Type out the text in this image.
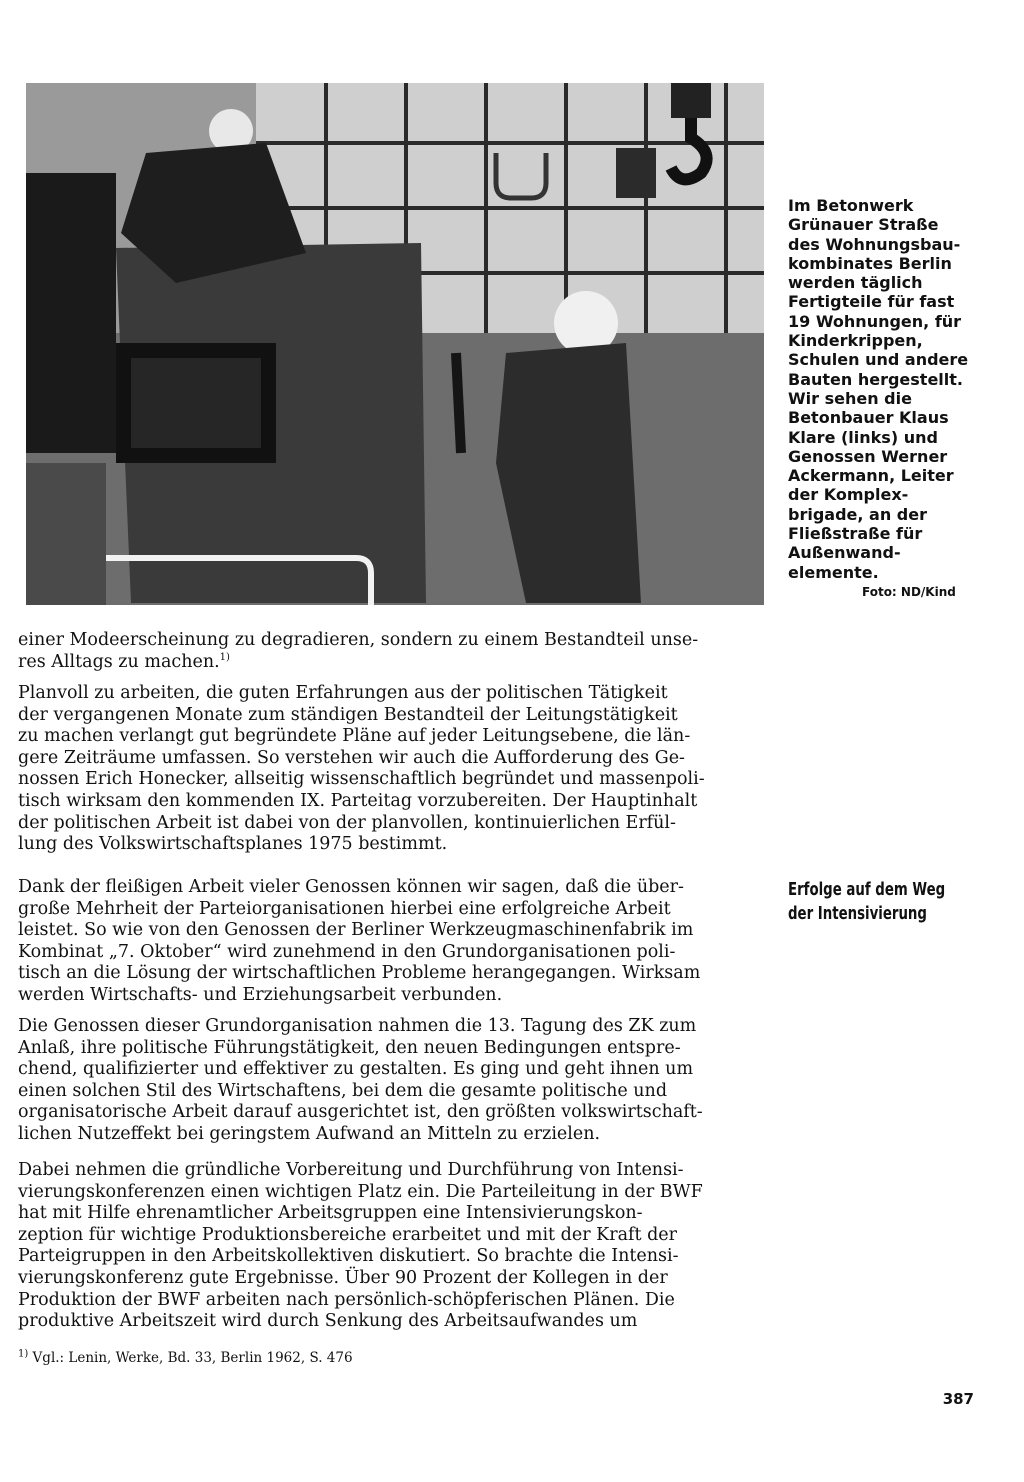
Im Betonwerk
Grünauer Straße
des Wohnungsbau-
kombinates Berlin
werden täglich
Fertigteile für fast
19 Wohnungen, für
Kinderkrippen,
Schulen und andere
Bauten hergestellt.
Wir sehen die
Betonbauer Klaus
Klare (links) und
Genossen Werner
Ackermann, Leiter
der Komplex-
brigade, an der
Fließstraße für
Außenwand-
elemente.

Foto: ND/Kind

einer Modeerscheinung zu degradieren, sondern zu einem Bestandteil unse-
res Alltags zu machen.$^{1)}$

Planvoll zu arbeiten, die guten Erfahrungen aus der politischen Tätigkeit
der vergangenen Monate zum ständigen Bestandteil der Leitungstätigkeit
zu machen verlangt gut begründete Pläne auf jeder Leitungsebene, die län-
gere Zeiträume umfassen. So verstehen wir auch die Aufforderung des Ge-
nossen Erich Honecker, allseitig wissenschaftlich begründet und massenpoli-
tisch wirksam den kommenden IX. Parteitag vorzubereiten. Der Hauptinhalt
der politischen Arbeit ist dabei von der planvollen, kontinuierlichen Erfül-
lung des Volkswirtschaftsplanes 1975 bestimmt.

Erfolge auf dem Weg
der Intensivierung

Dank der fleißigen Arbeit vieler Genossen können wir sagen, daß die über-
große Mehrheit der Parteiorganisationen hierbei eine erfolgreiche Arbeit
leistet. So wie von den Genossen der Berliner Werkzeugmaschinenfabrik im
Kombinat „7. Oktober“ wird zunehmend in den Grundorganisationen poli-
tisch an die Lösung der wirtschaftlichen Probleme herangegangen. Wirksam
werden Wirtschafts- und Erziehungsarbeit verbunden.

Die Genossen dieser Grundorganisation nahmen die 13. Tagung des ZK zum
Anlaß, ihre politische Führungstätigkeit, den neuen Bedingungen entspre-
chend, qualifizierter und effektiver zu gestalten. Es ging und geht ihnen um
einen solchen Stil des Wirtschaftens, bei dem die gesamte politische und
organisatorische Arbeit darauf ausgerichtet ist, den größten volkswirtschaft-
lichen Nutzeffekt bei geringstem Aufwand an Mitteln zu erzielen.

Dabei nehmen die gründliche Vorbereitung und Durchführung von Intensi-
vierungskonferenzen einen wichtigen Platz ein. Die Parteileitung in der BWF
hat mit Hilfe ehrenamtlicher Arbeitsgruppen eine Intensivierungskon-
zeption für wichtige Produktionsbereiche erarbeitet und mit der Kraft der
Parteigruppen in den Arbeitskollektiven diskutiert. So brachte die Intensi-
vierungskonferenz gute Ergebnisse. Über 90 Prozent der Kollegen in der
Produktion der BWF arbeiten nach persönlich-schöpferischen Plänen. Die
produktive Arbeitszeit wird durch Senkung des Arbeitsaufwandes um

$^{1)}$ Vgl.: Lenin, Werke, Bd. 33, Berlin 1962, S. 476
387
